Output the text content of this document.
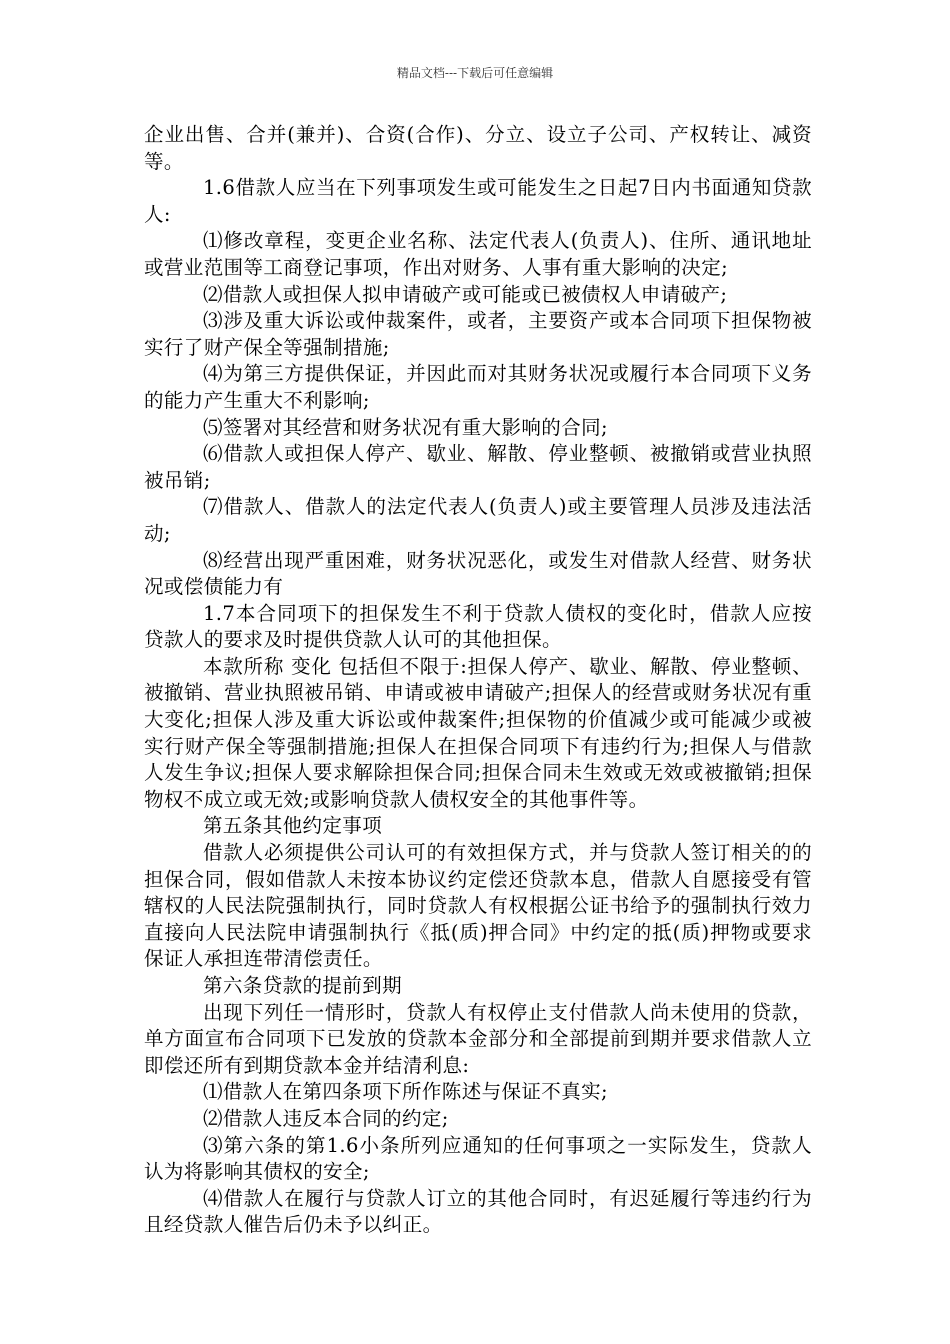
精品文档---下载后可任意编辑

企业出售、合并(兼并)、合资(合作)、分立、设立子公司、产权转让、减资等。

1.6借款人应当在下列事项发生或可能发生之日起7日内书面通知贷款人:

⑴修改章程，变更企业名称、法定代表人(负责人)、住所、通讯地址或营业范围等工商登记事项，作出对财务、人事有重大影响的决定;

⑵借款人或担保人拟申请破产或可能或已被债权人申请破产;

⑶涉及重大诉讼或仲裁案件，或者，主要资产或本合同项下担保物被实行了财产保全等强制措施;

⑷为第三方提供保证，并因此而对其财务状况或履行本合同项下义务的能力产生重大不利影响;

⑸签署对其经营和财务状况有重大影响的合同;

⑹借款人或担保人停产、歇业、解散、停业整顿、被撤销或营业执照被吊销;

⑺借款人、借款人的法定代表人(负责人)或主要管理人员涉及违法活动;

⑻经营出现严重困难，财务状况恶化，或发生对借款人经营、财务状况或偿债能力有

1.7本合同项下的担保发生不利于贷款人债权的变化时，借款人应按贷款人的要求及时提供贷款人认可的其他担保。

本款所称 变化 包括但不限于:担保人停产、歇业、解散、停业整顿、被撤销、营业执照被吊销、申请或被申请破产;担保人的经营或财务状况有重大变化;担保人涉及重大诉讼或仲裁案件;担保物的价值减少或可能减少或被实行财产保全等强制措施;担保人在担保合同项下有违约行为;担保人与借款人发生争议;担保人要求解除担保合同;担保合同未生效或无效或被撤销;担保物权不成立或无效;或影响贷款人债权安全的其他事件等。

第五条其他约定事项

借款人必须提供公司认可的有效担保方式，并与贷款人签订相关的的担保合同，假如借款人未按本协议约定偿还贷款本息，借款人自愿接受有管辖权的人民法院强制执行，同时贷款人有权根据公证书给予的强制执行效力直接向人民法院申请强制执行《抵(质)押合同》中约定的抵(质)押物或要求保证人承担连带清偿责任。

第六条贷款的提前到期

出现下列任一情形时，贷款人有权停止支付借款人尚未使用的贷款，单方面宣布合同项下已发放的贷款本金部分和全部提前到期并要求借款人立即偿还所有到期贷款本金并结清利息:

⑴借款人在第四条项下所作陈述与保证不真实;

⑵借款人违反本合同的约定;

⑶第六条的第1.6小条所列应通知的任何事项之一实际发生，贷款人认为将影响其债权的安全;

⑷借款人在履行与贷款人订立的其他合同时，有迟延履行等违约行为且经贷款人催告后仍未予以纠正。
